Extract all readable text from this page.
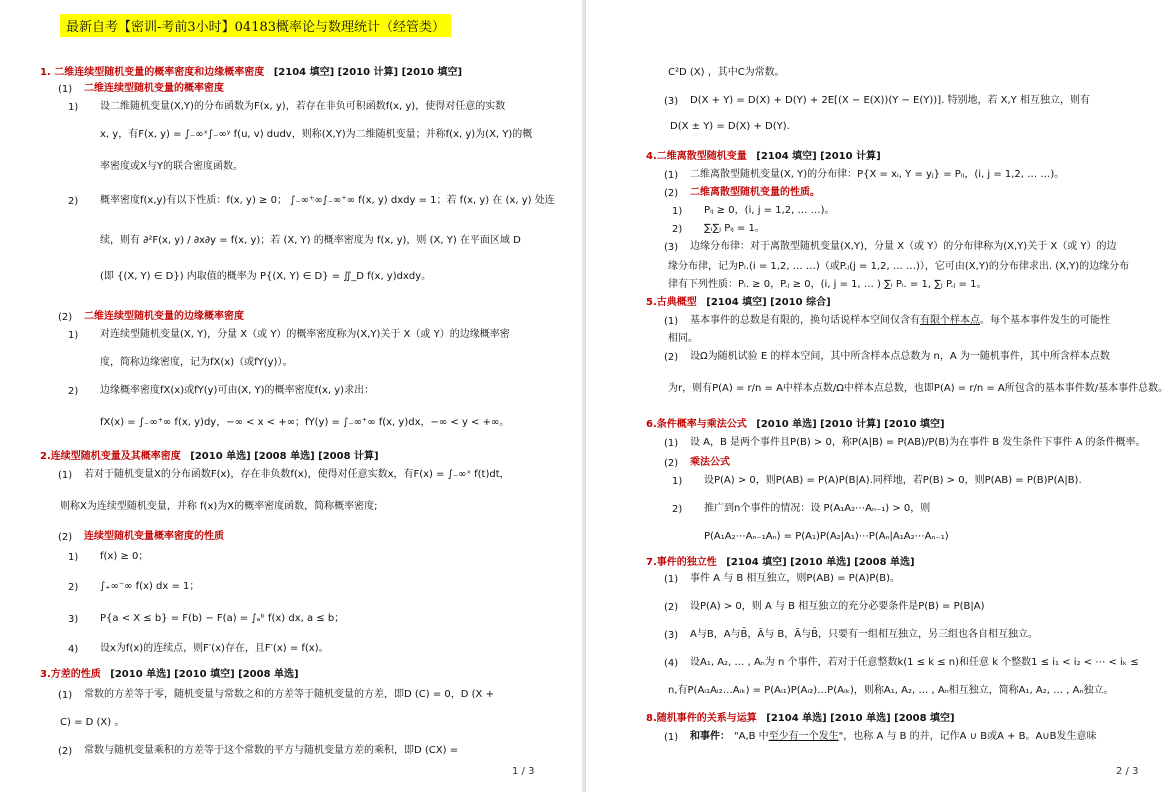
最新自考【密训-考前3小时】04183概率论与数理统计（经管类）
1. 二维连续型随机变量的概率密度和边缘概率密度 [2104 填空] [2010 计算] [2010 填空]
(1) 二维连续型随机变量的概率密度
1) 设二维随机变量(X,Y)的分布函数为F(x, y)，若存在非负可积函数f(x, y)，使得对任意的实数
x, y，有F(x, y) = ∫₋∞ˣ∫₋∞ʸ f(u, v) dudv，则称(X,Y)为二维随机变量；并称f(x, y)为(X, Y)的概
率密度或X与Y的联合密度函数。
2) 概率密度f(x,y)有以下性质：f(x, y) ≥ 0； ∫₋∞⁺∞∫₋∞⁺∞ f(x, y) dxdy = 1；若 f(x, y) 在 (x, y) 处连
续，则有 ∂²F(x, y) / ∂x∂y = f(x, y)；若 (X, Y) 的概率密度为 f(x, y)，则 (X, Y) 在平面区域 D
(即 {(X, Y) ∈ D}) 内取值的概率为 P{(X, Y) ∈ D} = ∬_D f(x, y)dxdy。
(2) 二维连续型随机变量的边缘概率密度
1) 对连续型随机变量(X, Y)，分量 X（或 Y）的概率密度称为(X,Y)关于 X（或 Y）的边缘概率密
度，简称边缘密度，记为fX(x)（或fY(y)）。
2) 边缘概率密度fX(x)或fY(y)可由(X, Y)的概率密度f(x, y)求出：
fX(x) = ∫₋∞⁺∞ f(x, y)dy，−∞ < x < +∞；fY(y) = ∫₋∞⁺∞ f(x, y)dx，−∞ < y < +∞。
2.连续型随机变量及其概率密度 [2010 单选] [2008 单选] [2008 计算]
(1) 若对于随机变量X的分布函数F(x)，存在非负数f(x)，使得对任意实数x，有F(x) = ∫₋∞ˣ f(t)dt，
则称X为连续型随机变量，并称 f(x)为X的概率密度函数，简称概率密度;
(2) 连续型随机变量概率密度的性质
1) f(x) ≥ 0；
2) ∫₊∞⁻∞ f(x) dx = 1；
3) P{a < X ≤ b} = F(b) − F(a) = ∫ₐᵇ f(x) dx, a ≤ b；
4) 设x为f(x)的连续点，则F′(x)存在，且F′(x) = f(x)。
3.方差的性质 [2010 单选] [2010 填空] [2008 单选]
(1) 常数的方差等于零，随机变量与常数之和的方差等于随机变量的方差，即D (C) = 0，D (X +
C) = D (X) 。
(2) 常数与随机变量乘积的方差等于这个常数的平方与随机变量方差的乘积，即D (CX) =
1 / 3
C²D (X) ，其中C为常数。
(3) D(X + Y) = D(X) + D(Y) + 2E[(X − E(X))(Y − E(Y))]. 特别地，若 X,Y 相互独立，则有
D(X ± Y) = D(X) + D(Y).
4.二维离散型随机变量 [2104 填空] [2010 计算]
(1) 二维离散型随机变量(X, Y)的分布律：P{X = xᵢ, Y = yⱼ} = Pᵢⱼ，(i, j = 1,2, … …)。
(2) 二维离散型随机变量的性质。
1) Pᵢⱼ ≥ 0，(i, j = 1,2, … …)。
2) ∑ᵢ∑ⱼ Pᵢⱼ = 1。
(3) 边缘分布律：对于离散型随机变量(X,Y)，分量 X（或 Y）的分布律称为(X,Y)关于 X（或 Y）的边
缘分布律，记为Pᵢ.(i = 1,2, … …)（或P.ⱼ(j = 1,2, … …)），它可由(X,Y)的分布律求出. (X,Y)的边缘分布
律有下列性质：Pᵢ. ≥ 0，P.ⱼ ≥ 0，(i, j = 1, … ) ∑ᵢ Pᵢ. = 1, ∑ⱼ P.ⱼ = 1。
5.古典概型 [2104 填空] [2010 综合]
(1) 基本事件的总数是有限的，换句话说样本空间仅含有有限个样本点。每个基本事件发生的可能性
相同。
(2) 设Ω为随机试验 E 的样本空间，其中所含样本点总数为 n，A 为一随机事件，其中所含样本点数
为r，则有P(A) = r/n = A中样本点数/Ω中样本点总数，也即P(A) = r/n = A所包含的基本事件数/基本事件总数。
6.条件概率与乘法公式 [2010 单选] [2010 计算] [2010 填空]
(1) 设 A，B 是两个事件且P(B) > 0，称P(A|B) = P(AB)/P(B)为在事件 B 发生条件下事件 A 的条件概率。
(2) 乘法公式
1) 设P(A) > 0，则P(AB) = P(A)P(B|A).同样地，若P(B) > 0，则P(AB) = P(B)P(A|B).
2) 推广到n个事件的情况：设 P(A₁A₂⋯Aₙ₋₁) > 0，则
P(A₁A₂⋯Aₙ₋₁Aₙ) = P(A₁)P(A₂|A₁)⋯P(Aₙ|A₁A₂⋯Aₙ₋₁)
7.事件的独立性 [2104 填空] [2010 单选] [2008 单选]
(1) 事件 A 与 B 相互独立，则P(AB) = P(A)P(B)。
(2) 设P(A) > 0，则 A 与 B 相互独立的充分必要条件是P(B) = P(B|A)
(3) A与B，A与B̄，Ā与 B，Ā与B̄，只要有一组相互独立，另三组也各自相互独立。
(4) 设A₁, A₂, … , Aₙ为 n 个事件，若对于任意整数k(1 ≤ k ≤ n)和任意 k 个整数1 ≤ i₁ < i₂ < ⋯ < iₖ ≤
n,有P(Aᵢ₁Aᵢ₂…Aᵢₖ) = P(Aᵢ₁)P(Aᵢ₂)…P(Aᵢₖ)，则称A₁, A₂, … , Aₙ相互独立，简称A₁, A₂, … , Aₙ独立。
8.随机事件的关系与运算 [2104 单选] [2010 单选] [2008 填空]
(1) 和事件： "A,B 中至少有一个发生"，也称 A 与 B 的并，记作A ∪ B或A + B。A∪B发生意味
2 / 3
